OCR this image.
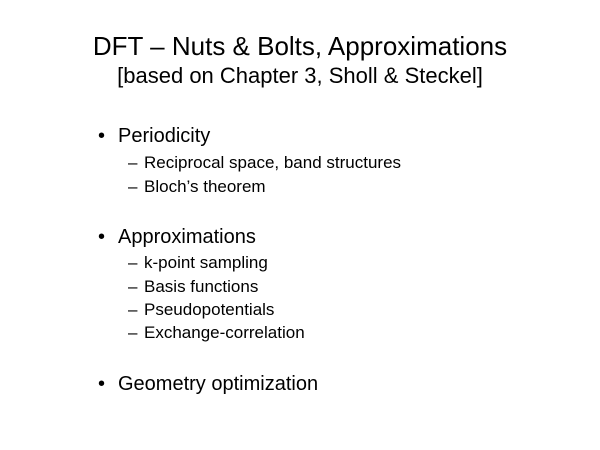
DFT – Nuts & Bolts, Approximations
[based on Chapter 3, Sholl & Steckel]
• Periodicity
– Reciprocal space, band structures
– Bloch’s theorem
• Approximations
– k-point sampling
– Basis functions
– Pseudopotentials
– Exchange-correlation
• Geometry optimization
